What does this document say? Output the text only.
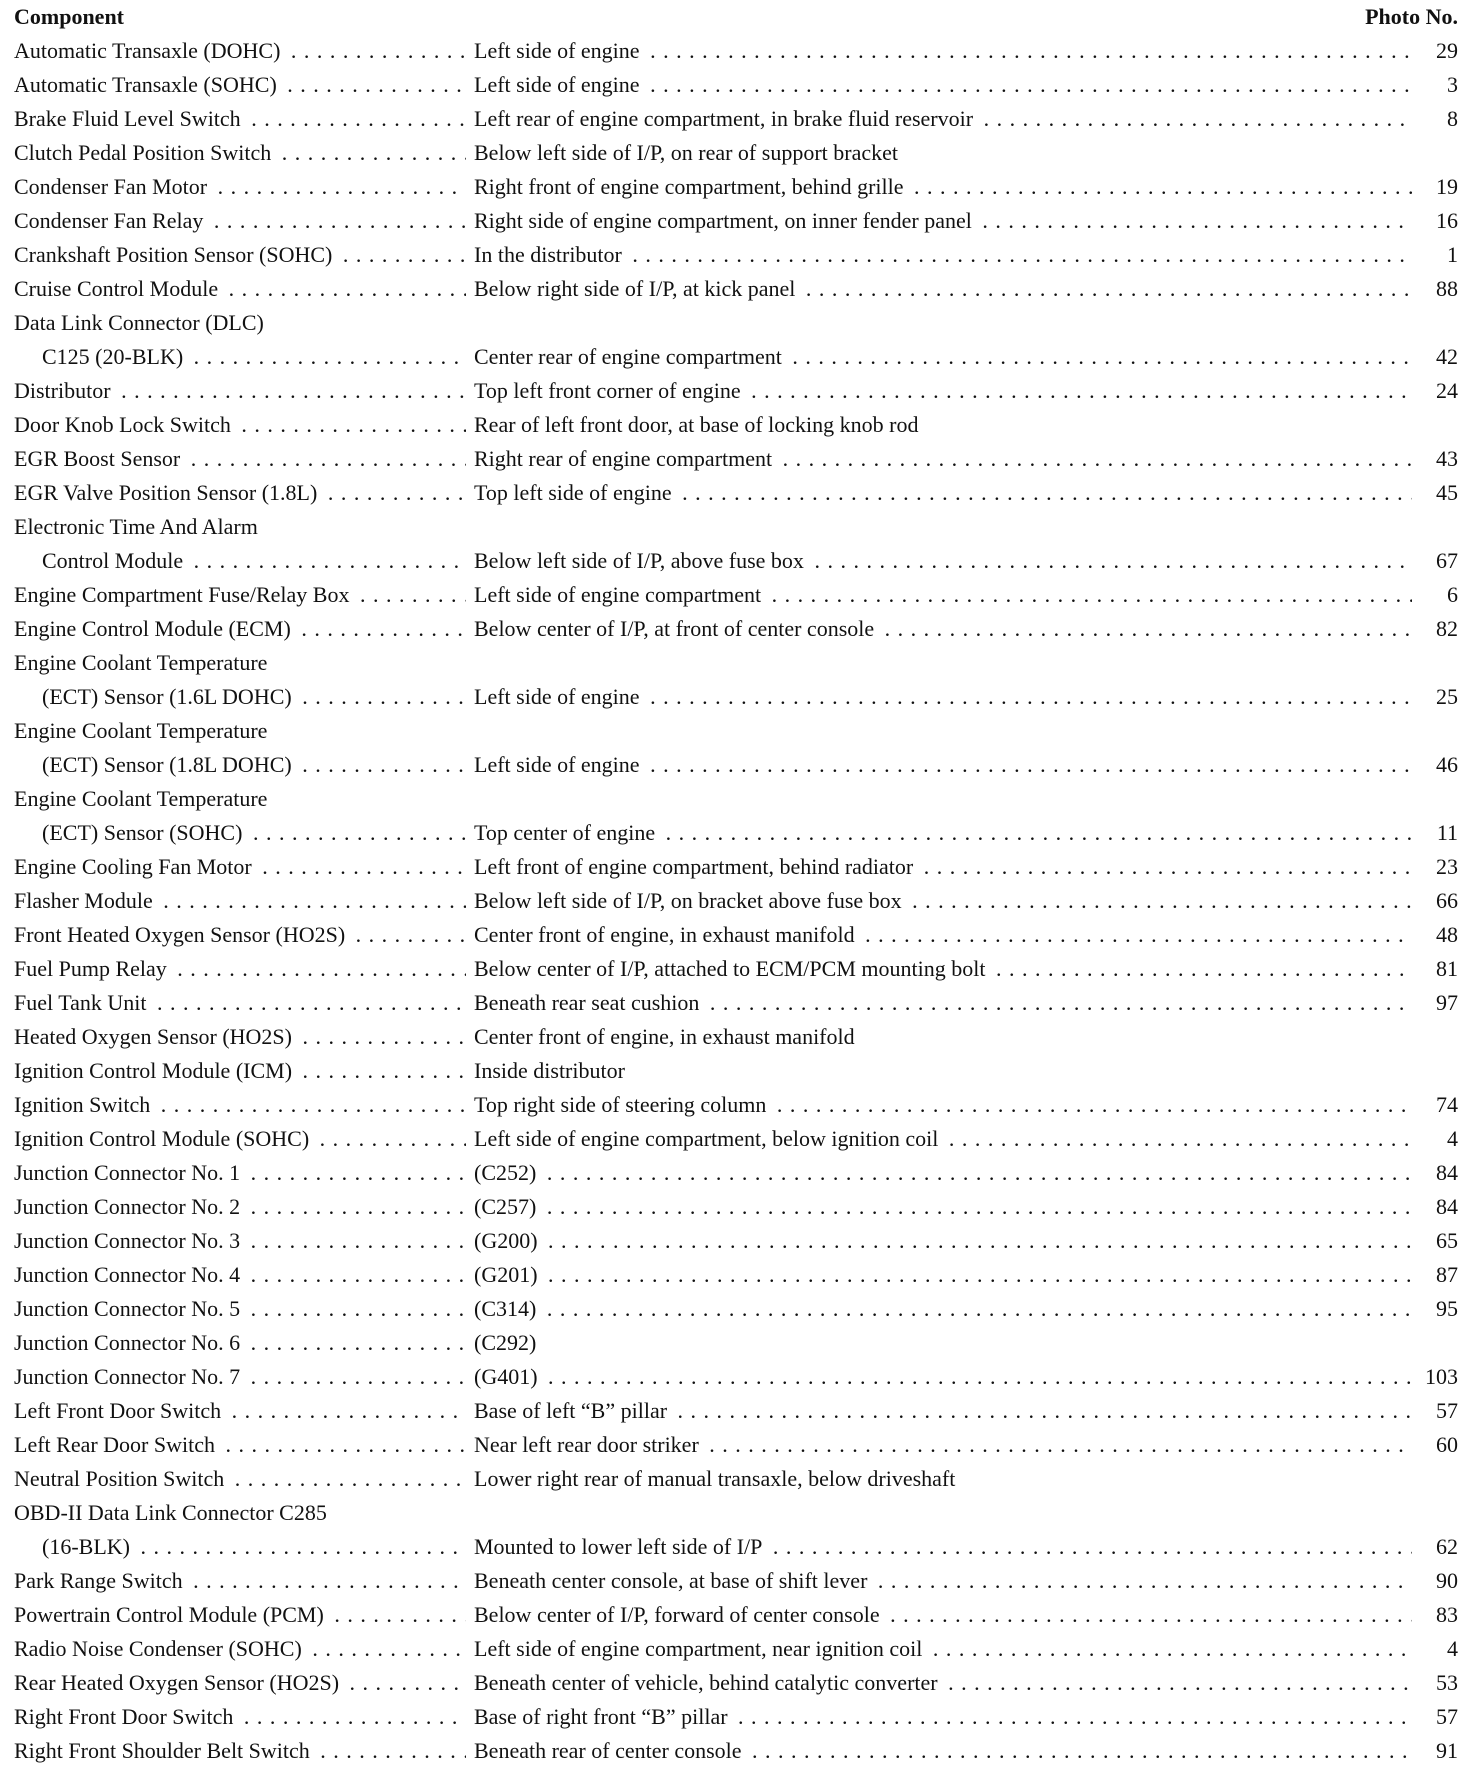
Component	Photo No.
Automatic Transaxle (DOHC) . . .	Left side of engine . . .	29
Automatic Transaxle (SOHC) . . .	Left side of engine . . .	3
Brake Fluid Level Switch . . .	Left rear of engine compartment, in brake fluid reservoir . . .	8
Clutch Pedal Position Switch . . .	Below left side of I/P, on rear of support bracket
Condenser Fan Motor . . .	Right front of engine compartment, behind grille . . .	19
Condenser Fan Relay . . .	Right side of engine compartment, on inner fender panel . . .	16
Crankshaft Position Sensor (SOHC) . . .	In the distributor . . .	1
Cruise Control Module . . .	Below right side of I/P, at kick panel . . .	88
Data Link Connector (DLC)
C125 (20-BLK) . . .	Center rear of engine compartment . . .	42
Distributor . . .	Top left front corner of engine . . .	24
Door Knob Lock Switch . . .	Rear of left front door, at base of locking knob rod
EGR Boost Sensor . . .	Right rear of engine compartment . . .	43
EGR Valve Position Sensor (1.8L) . . .	Top left side of engine . . .	45
Electronic Time And Alarm
Control Module . . .	Below left side of I/P, above fuse box . . .	67
Engine Compartment Fuse/Relay Box . . .	Left side of engine compartment . . .	6
Engine Control Module (ECM) . . .	Below center of I/P, at front of center console . . .	82
Engine Coolant Temperature
(ECT) Sensor (1.6L DOHC) . . .	Left side of engine . . .	25
Engine Coolant Temperature
(ECT) Sensor (1.8L DOHC) . . .	Left side of engine . . .	46
Engine Coolant Temperature
(ECT) Sensor (SOHC) . . .	Top center of engine . . .	11
Engine Cooling Fan Motor . . .	Left front of engine compartment, behind radiator . . .	23
Flasher Module . . .	Below left side of I/P, on bracket above fuse box . . .	66
Front Heated Oxygen Sensor (HO2S) . . .	Center front of engine, in exhaust manifold . . .	48
Fuel Pump Relay . . .	Below center of I/P, attached to ECM/PCM mounting bolt . . .	81
Fuel Tank Unit . . .	Beneath rear seat cushion . . .	97
Heated Oxygen Sensor (HO2S) . . .	Center front of engine, in exhaust manifold
Ignition Control Module (ICM) . . .	Inside distributor
Ignition Switch . . .	Top right side of steering column . . .	74
Ignition Control Module (SOHC) . . .	Left side of engine compartment, below ignition coil . . .	4
Junction Connector No. 1 . . .	(C252) . . .	84
Junction Connector No. 2 . . .	(C257) . . .	84
Junction Connector No. 3 . . .	(G200) . . .	65
Junction Connector No. 4 . . .	(G201) . . .	87
Junction Connector No. 5 . . .	(C314) . . .	95
Junction Connector No. 6 . . .	(C292)
Junction Connector No. 7 . . .	(G401) . . .	103
Left Front Door Switch . . .	Base of left “B” pillar . . .	57
Left Rear Door Switch . . .	Near left rear door striker . . .	60
Neutral Position Switch . . .	Lower right rear of manual transaxle, below driveshaft
OBD-II Data Link Connector C285
(16-BLK) . . .	Mounted to lower left side of I/P . . .	62
Park Range Switch . . .	Beneath center console, at base of shift lever . . .	90
Powertrain Control Module (PCM) . . .	Below center of I/P, forward of center console . . .	83
Radio Noise Condenser (SOHC) . . .	Left side of engine compartment, near ignition coil . . .	4
Rear Heated Oxygen Sensor (HO2S) . . .	Beneath center of vehicle, behind catalytic converter . . .	53
Right Front Door Switch . . .	Base of right front “B” pillar . . .	57
Right Front Shoulder Belt Switch . . .	Beneath rear of center console . . .	91
